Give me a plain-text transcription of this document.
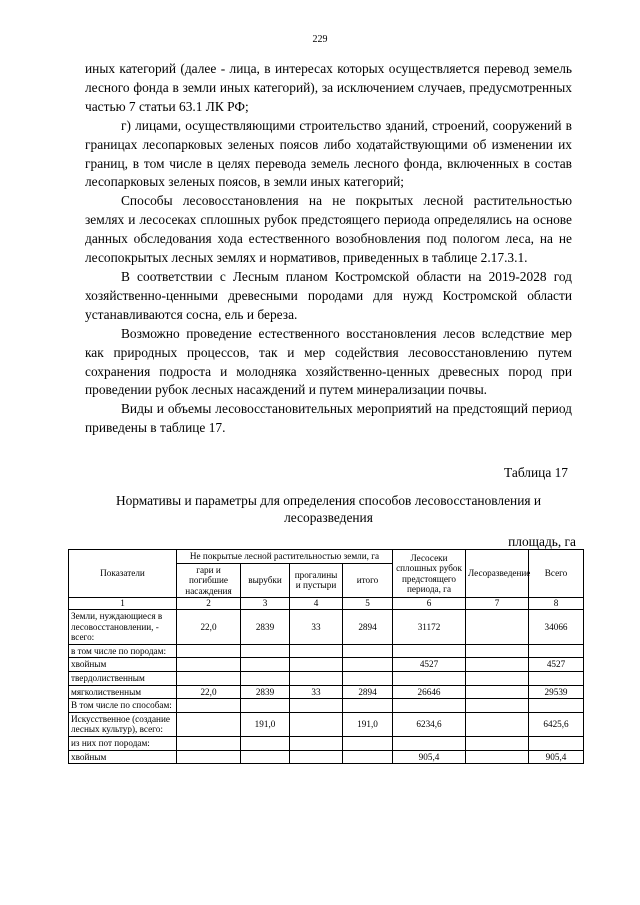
229

иных категорий (далее - лица, в интересах которых осуществляется перевод земель лесного фонда в земли иных категорий), за исключением случаев, предусмотренных частью 7 статьи 63.1 ЛК РФ;

г) лицами, осуществляющими строительство зданий, строений, сооружений в границах лесопарковых зеленых поясов либо ходатайствующими об изменении их границ, в том числе в целях перевода земель лесного фонда, включенных в состав лесопарковых зеленых поясов, в земли иных категорий;

Способы лесовосстановления на не покрытых лесной растительностью землях и лесосеках сплошных рубок предстоящего периода определялись на основе данных обследования хода естественного возобновления под пологом леса, на не лесопокрытых лесных землях и нормативов, приведенных в таблице 2.17.3.1.

В соответствии с Лесным планом Костромской области на 2019-2028 год хозяйственно-ценными древесными породами для нужд Костромской области устанавливаются сосна, ель и береза.

Возможно проведение естественного восстановления лесов вследствие мер как природных процессов, так и мер содействия лесовосстановлению путем сохранения подроста и молодняка хозяйственно-ценных древесных пород при проведении рубок лесных насаждений и путем минерализации почвы.

Виды и объемы лесовосстановительных мероприятий на предстоящий период приведены в таблице 17.

Таблица 17
Нормативы и параметры для определения способов лесовосстановления и лесоразведения
площадь, га
Показатели	Не покрытые лесной растительностью земли, га				Лесосеки сплошных рубок предстоящего периода, га	Лесоразведение	Всего
	гари и погибшие насаждения	вырубки	прогалины и пустыри	итого			
1	2	3	4	5	6	7	8
Земли, нуждающиеся в лесовосстановлении, - всего:	22,0	2839	33	2894	31172		34066
в том числе по породам:							
хвойным					4527		4527
твердолиственным							
мягколиственным	22,0	2839	33	2894	26646		29539
В том числе по способам:							
Искусственное (создание лесных культур), всего:		191,0		191,0	6234,6		6425,6
из них пот породам:							
хвойным					905,4		905,4
